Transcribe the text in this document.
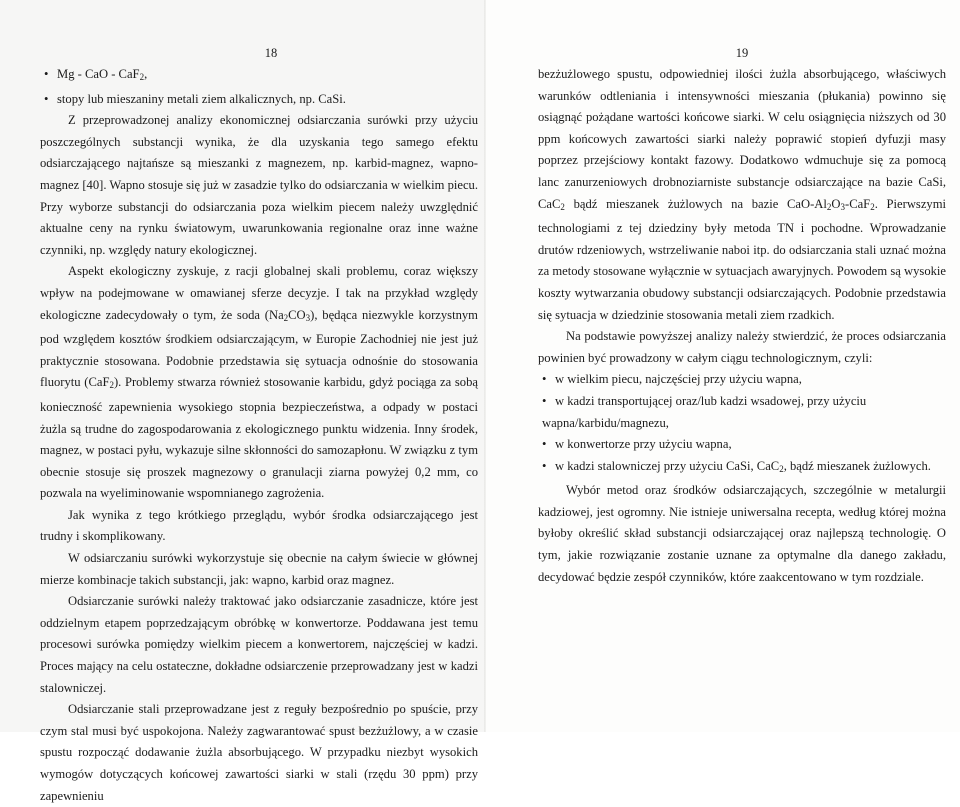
18

• Mg - CaO - CaF$_2$,

• stopy lub mieszaniny metali ziem alkalicznych, np. CaSi.

Z przeprowadzonej analizy ekonomicznej odsiarczania surówki przy użyciu poszczególnych substancji wynika, że dla uzyskania tego samego efektu odsiarczającego najtańsze są mieszanki z magnezem, np. karbid-magnez, wapno-magnez [40]. Wapno stosuje się już w zasadzie tylko do odsiarczania w wielkim piecu. Przy wyborze substancji do odsiarczania poza wielkim piecem należy uwzględnić aktualne ceny na rynku światowym, uwarunkowania regionalne oraz inne ważne czynniki, np. względy natury ekologicznej.

Aspekt ekologiczny zyskuje, z racji globalnej skali problemu, coraz większy wpływ na podejmowane w omawianej sferze decyzje. I tak na przykład względy ekologiczne zadecydowały o tym, że soda $(Na_2CO_3)$, będąca niezwykle korzystnym pod względem kosztów środkiem odsiarczającym, w Europie Zachodniej nie jest już praktycznie stosowana. Podobnie przedstawia się sytuacja odnośnie do stosowania fluorytu (CaF$_2$). Problemy stwarza również stosowanie karbidu, gdyż pociąga za sobą konieczność zapewnienia wysokiego stopnia bezpieczeństwa, a odpady w postaci żużla są trudne do zagospodarowania z ekologicznego punktu widzenia. Inny środek, magnez, w postaci pyłu, wykazuje silne skłonności do samozapłonu. W związku z tym obecnie stosuje się proszek magnezowy o granulacji ziarna powyżej 0,2 mm, co pozwala na wyeliminowanie wspomnianego zagrożenia.

Jak wynika z tego krótkiego przeglądu, wybór środka odsiarczającego jest trudny i skomplikowany.

W odsiarczaniu surówki wykorzystuje się obecnie na całym świecie w głównej mierze kombinacje takich substancji, jak: wapno, karbid oraz magnez.

Odsiarczanie surówki należy traktować jako odsiarczanie zasadnicze, które jest oddzielnym etapem poprzedzającym obróbkę w konwertorze. Poddawana jest temu procesowi surówka pomiędzy wielkim piecem a konwertorem, najczęściej w kadzi. Proces mający na celu ostateczne, dokładne odsiarczenie przeprowadzany jest w kadzi stalowniczej.

Odsiarczanie stali przeprowadzane jest z reguły bezpośrednio po spuście, przy czym stal musi być uspokojona. Należy zagwarantować spust bezżużlowy, a w czasie spustu rozpocząć dodawanie żużla absorbującego. W przypadku niezbyt wysokich wymogów dotyczących końcowej zawartości siarki w stali (rzędu 30 ppm) przy zapewnieniu

19

bezżużlowego spustu, odpowiedniej ilości żużla absorbującego, właściwych warunków odtleniania i intensywności mieszania (płukania) powinno się osiągnąć pożądane wartości końcowe siarki. W celu osiągnięcia niższych od 30 ppm końcowych zawartości siarki należy poprawić stopień dyfuzji masy poprzez przejściowy kontakt fazowy. Dodatkowo wdmuchuje się za pomocą lanc zanurzeniowych drobnoziarniste substancje odsiarczające na bazie CaSi, CaC$_2$ bądź mieszanek żużlowych na bazie CaO-$Al_2O_3-CaF_2$. Pierwszymi technologiami z tej dziedziny były metoda TN i pochodne. Wprowadzanie drutów rdzeniowych, wstrzeliwanie naboi itp. do odsiarczania stali uznać można za metody stosowane wyłącznie w sytuacjach awaryjnych. Powodem są wysokie koszty wytwarzania obudowy substancji odsiarczających. Podobnie przedstawia się sytuacja w dziedzinie stosowania metali ziem rzadkich.

Na podstawie powyższej analizy należy stwierdzić, że proces odsiarczania powinien być prowadzony w całym ciągu technologicznym, czyli:

• w wielkim piecu, najczęściej przy użyciu wapna,

• w kadzi transportującej oraz/lub kadzi wsadowej, przy użyciu wapna/karbidu/magnezu,

• w konwertorze przy użyciu wapna,

• w kadzi stalowniczej przy użyciu CaSi, CaC$_2$, bądź mieszanek żużlowych.

Wybór metod oraz środków odsiarczających, szczególnie w metalurgii kadziowej, jest ogromny. Nie istnieje uniwersalna recepta, według której można byłoby określić skład substancji odsiarczającej oraz najlepszą technologię. O tym, jakie rozwiązanie zostanie uznane za optymalne dla danego zakładu, decydować będzie zespół czynników, które zaakcentowano w tym rozdziale.
